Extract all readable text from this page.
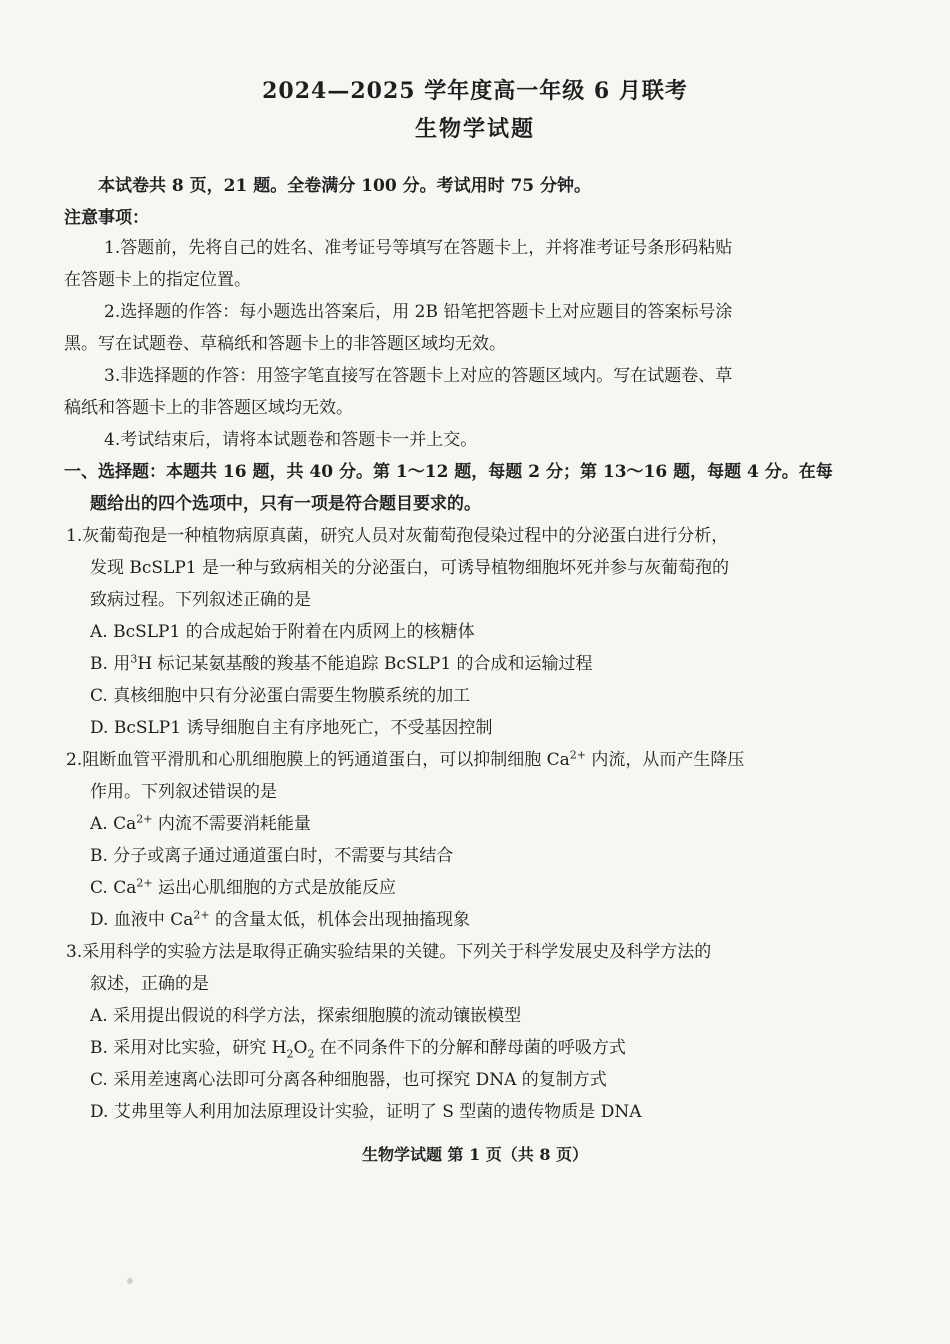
2024—2025 学年度高一年级 6 月联考
生物学试题
本试卷共 8 页，21 题。全卷满分 100 分。考试用时 75 分钟。
注意事项：
1.答题前，先将自己的姓名、准考证号等填写在答题卡上，并将准考证号条形码粘贴
在答题卡上的指定位置。
2.选择题的作答：每小题选出答案后，用 2B 铅笔把答题卡上对应题目的答案标号涂
黑。写在试题卷、草稿纸和答题卡上的非答题区域均无效。
3.非选择题的作答：用签字笔直接写在答题卡上对应的答题区域内。写在试题卷、草
稿纸和答题卡上的非答题区域均无效。
4.考试结束后，请将本试题卷和答题卡一并上交。
一、选择题：本题共 16 题，共 40 分。第 1～12 题，每题 2 分；第 13～16 题，每题 4 分。在每
题给出的四个选项中，只有一项是符合题目要求的。
1.灰葡萄孢是一种植物病原真菌，研究人员对灰葡萄孢侵染过程中的分泌蛋白进行分析，
发现 BcSLP1 是一种与致病相关的分泌蛋白，可诱导植物细胞坏死并参与灰葡萄孢的
致病过程。下列叙述正确的是
A. BcSLP1 的合成起始于附着在内质网上的核糖体
B. 用$^3$H 标记某氨基酸的羧基不能追踪 BcSLP1 的合成和运输过程
C. 真核细胞中只有分泌蛋白需要生物膜系统的加工
D. BcSLP1 诱导细胞自主有序地死亡，不受基因控制
2.阻断血管平滑肌和心肌细胞膜上的钙通道蛋白，可以抑制细胞 $Ca^{2+}$ 内流，从而产生降压
作用。下列叙述错误的是
A. $Ca^{2+}$ 内流不需要消耗能量
B. 分子或离子通过通道蛋白时，不需要与其结合
C. $Ca^{2+}$ 运出心肌细胞的方式是放能反应
D. 血液中 $Ca^{2+}$ 的含量太低，机体会出现抽搐现象
3.采用科学的实验方法是取得正确实验结果的关键。下列关于科学发展史及科学方法的
叙述，正确的是
A. 采用提出假说的科学方法，探索细胞膜的流动镶嵌模型
B. 采用对比实验，研究 $H_2O_2$ 在不同条件下的分解和酵母菌的呼吸方式
C. 采用差速离心法即可分离各种细胞器，也可探究 DNA 的复制方式
D. 艾弗里等人利用加法原理设计实验，证明了 S 型菌的遗传物质是 DNA
生物学试题 第 1 页（共 8 页）
